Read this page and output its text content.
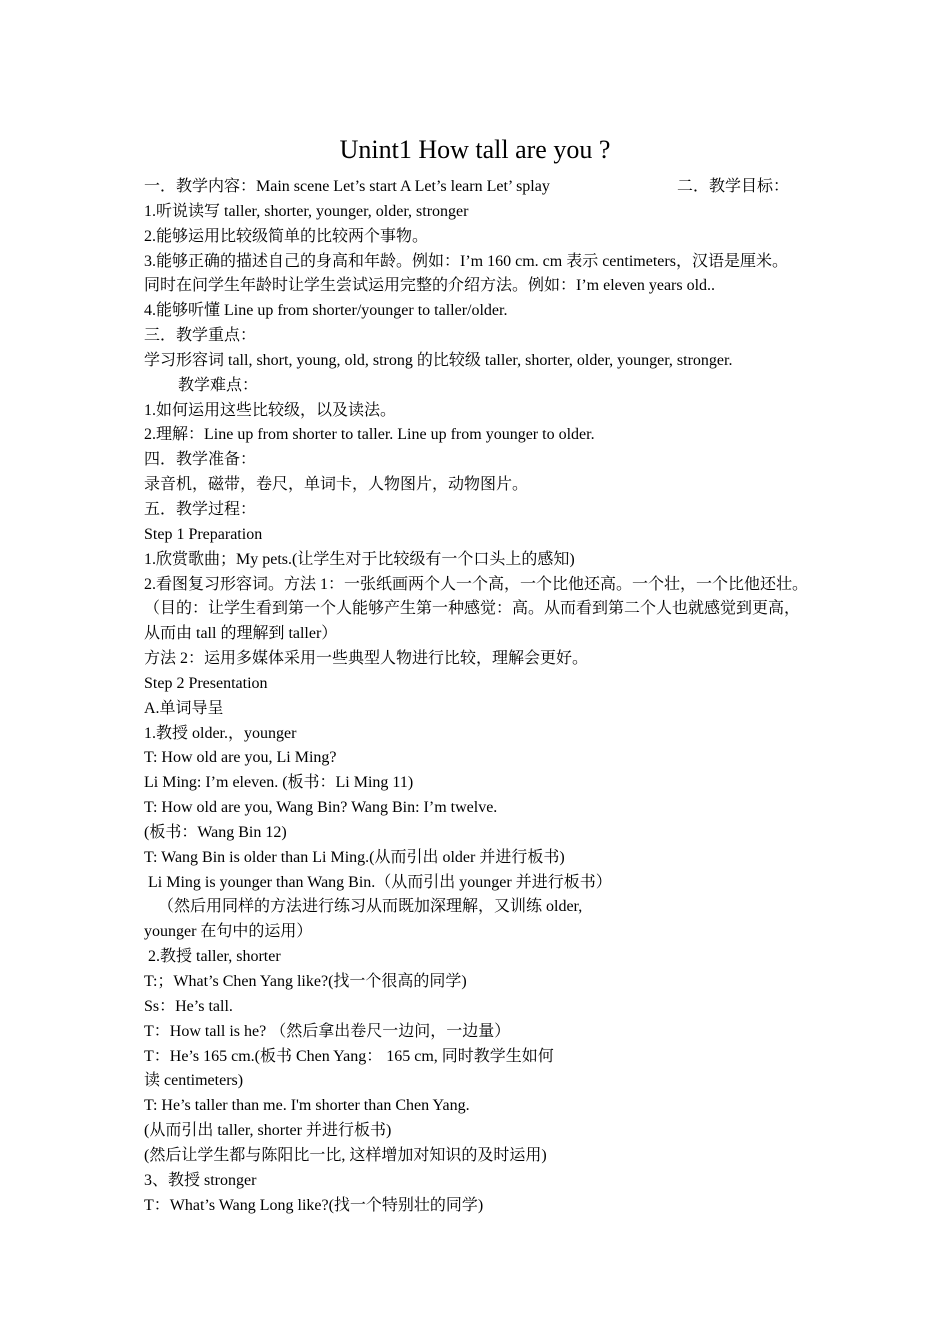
Unint1 How tall are you ?
一．教学内容：Main scene Let’s start A Let’s learn Let’ splay	二．教学目标：
1.听说读写 taller, shorter, younger, older, stronger
2.能够运用比较级简单的比较两个事物。
3.能够正确的描述自己的身高和年龄。例如：I’m 160 cm. cm 表示 centimeters，汉语是厘米。
同时在问学生年龄时让学生尝试运用完整的介绍方法。例如：I’m eleven years old..
4.能够听懂 Line up from shorter/younger to taller/older.
三．教学重点：
学习形容词 tall, short, young, old, strong 的比较级 taller, shorter, older, younger, stronger.
教学难点：
1.如何运用这些比较级，以及读法。
2.理解：Line up from shorter to taller. Line up from younger to older.
四．教学准备：
录音机，磁带，卷尺，单词卡，人物图片，动物图片。
五．教学过程：
Step 1 Preparation
1.欣赏歌曲；My pets.(让学生对于比较级有一个口头上的感知)
2.看图复习形容词。方法 1：一张纸画两个人一个高，一个比他还高。一个壮，一个比他还壮。
（目的：让学生看到第一个人能够产生第一种感觉：高。从而看到第二个人也就感觉到更高，
从而由 tall 的理解到 taller）
方法 2：运用多媒体采用一些典型人物进行比较，理解会更好。
Step 2 Presentation
A.单词导呈
1.教授 older.，younger
T: How old are you, Li Ming?
Li Ming: I’m eleven. (板书：Li Ming 11)
T: How old are you, Wang Bin? Wang Bin: I’m twelve.
(板书：Wang Bin 12)
T: Wang Bin is older than Li Ming.(从而引出 older 并进行板书)
Li Ming is younger than Wang Bin.（从而引出 younger 并进行板书）
（然后用同样的方法进行练习从而既加深理解，又训练 older,
younger 在句中的运用）
2.教授 taller, shorter
T:；What’s Chen Yang like?(找一个很高的同学)
Ss：He’s tall.
T：How tall is he? （然后拿出卷尺一边问，一边量）
T：He’s 165 cm.(板书 Chen Yang： 165 cm, 同时教学生如何
读 centimeters)
T: He’s taller than me. I'm shorter than Chen Yang.
(从而引出 taller, shorter 并进行板书)
(然后让学生都与陈阳比一比, 这样增加对知识的及时运用)
3、教授 stronger
T：What’s Wang Long like?(找一个特别壮的同学)
